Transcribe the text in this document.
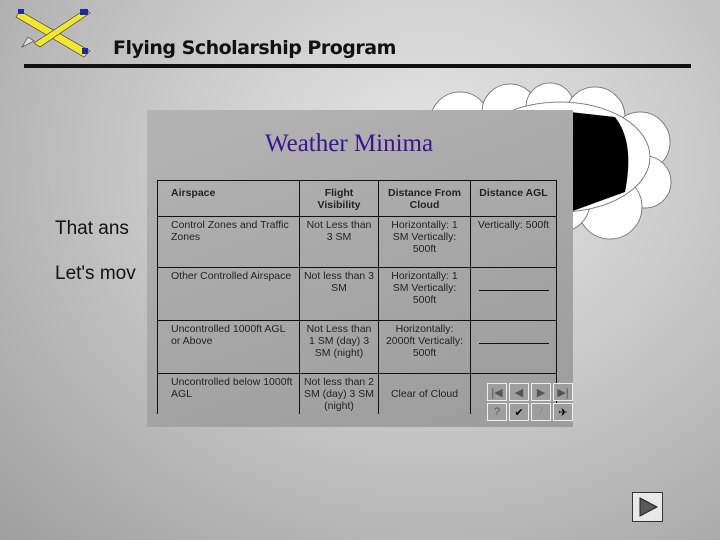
Flying Scholarship Program
That ans
Let's mov
Weather Minima
Airspace	Flight Visibility	Distance From Cloud	Distance AGL
Control Zones and Traffic Zones	Not Less than 3 SM	Horizontally: 1 SM Vertically: 500ft	Vertically: 500ft
Other Controlled Airspace	Not less than 3 SM	Horizontally: 1 SM Vertically: 500ft	

Uncontrolled 1000ft AGL or Above	Not Less than 1 SM (day) 3 SM (night)	Horizontally: 2000ft Vertically: 500ft	

Uncontrolled below 1000ft AGL	Not less than 2 SM (day) 3 SM (night)	Clear of Cloud		|◀	◀	▶	▶|
?	✔	/	✈
